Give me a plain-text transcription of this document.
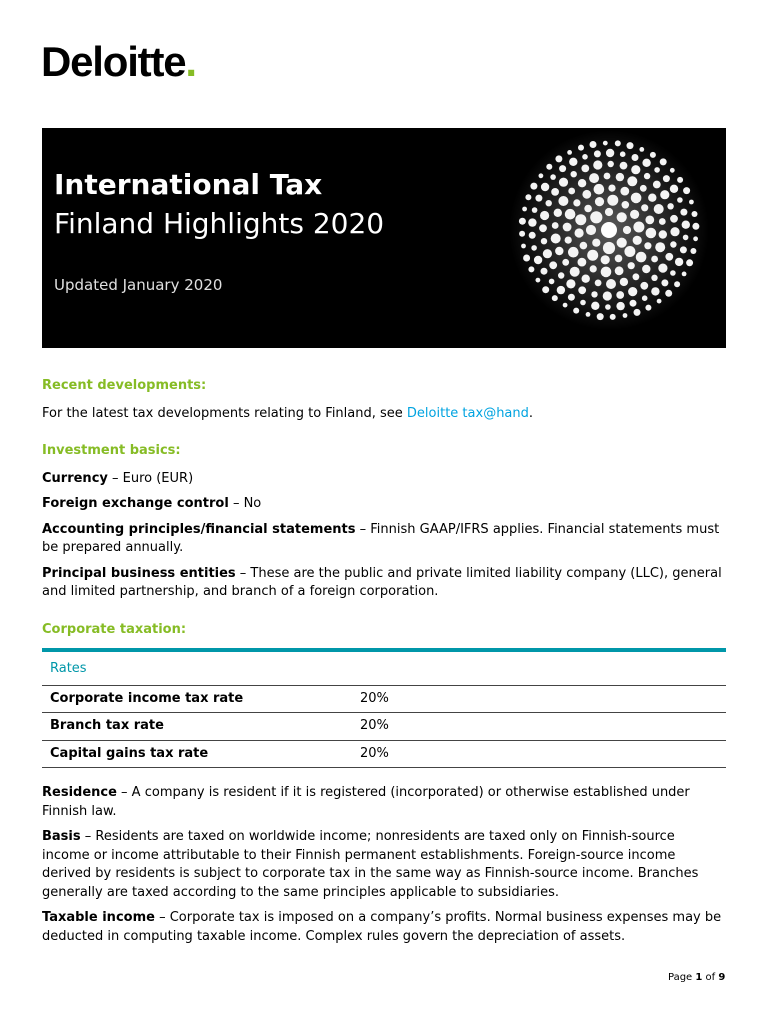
Deloitte.
International Tax
Finland Highlights 2020
Updated January 2020
Recent developments:
For the latest tax developments relating to Finland, see Deloitte tax@hand.
Investment basics:
Currency – Euro (EUR)
Foreign exchange control – No
Accounting principles/financial statements – Finnish GAAP/IFRS applies. Financial statements must be prepared annually.
Principal business entities – These are the public and private limited liability company (LLC), general and limited partnership, and branch of a foreign corporation.
Corporate taxation:
Rates	
Corporate income tax rate	20%
Branch tax rate	20%
Capital gains tax rate	20%
Residence – A company is resident if it is registered (incorporated) or otherwise established under Finnish law.
Basis – Residents are taxed on worldwide income; nonresidents are taxed only on Finnish-source income or income attributable to their Finnish permanent establishments. Foreign-source income derived by residents is subject to corporate tax in the same way as Finnish-source income. Branches generally are taxed according to the same principles applicable to subsidiaries.
Taxable income – Corporate tax is imposed on a company’s profits. Normal business expenses may be deducted in computing taxable income. Complex rules govern the depreciation of assets.
Page 1 of 9
